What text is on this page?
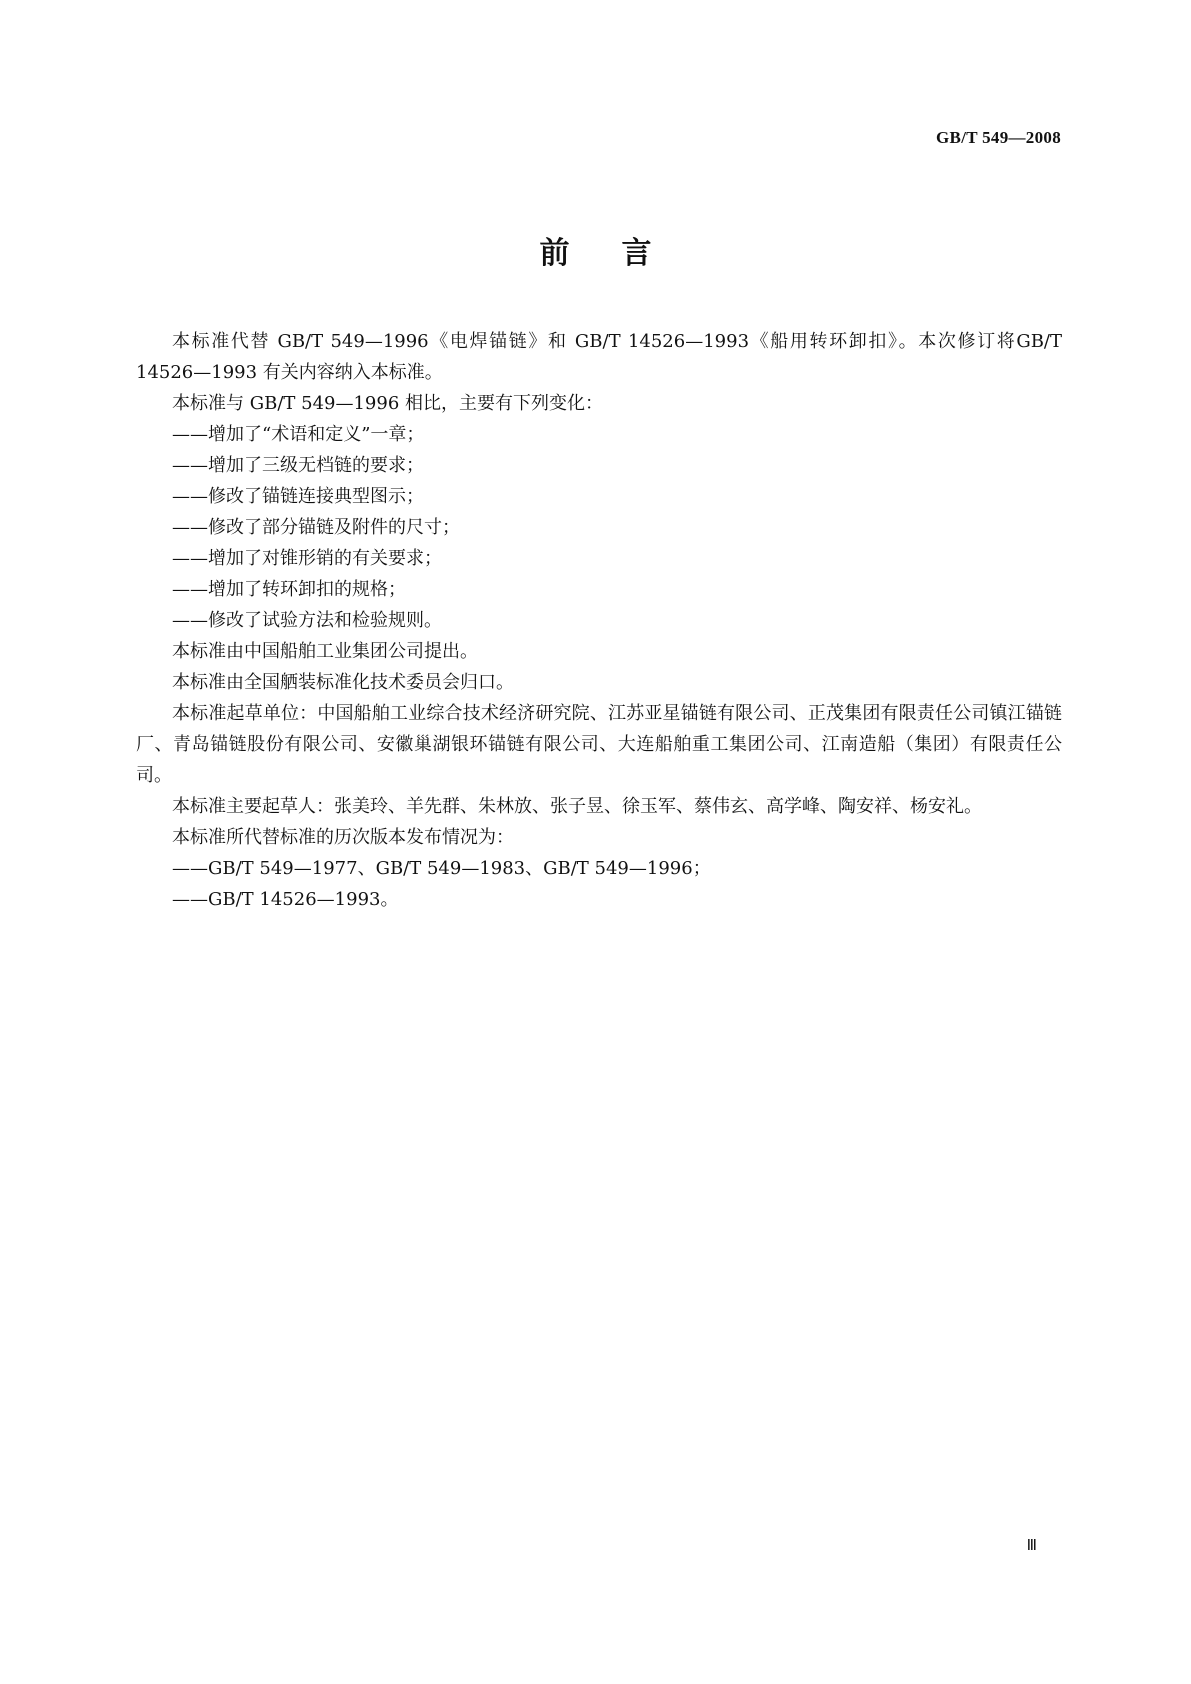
GB/T 549—2008
前言

本标准代替 GB/T 549—1996《电焊锚链》和 GB/T 14526—1993《船用转环卸扣》。本次修订将GB/T 14526—1993 有关内容纳入本标准。

本标准与 GB/T 549—1996 相比，主要有下列变化：

——增加了“术语和定义”一章；

——增加了三级无档链的要求；

——修改了锚链连接典型图示；

——修改了部分锚链及附件的尺寸；

——增加了对锥形销的有关要求；

——增加了转环卸扣的规格；

——修改了试验方法和检验规则。

本标准由中国船舶工业集团公司提出。

本标准由全国舾装标准化技术委员会归口。

本标准起草单位：中国船舶工业综合技术经济研究院、江苏亚星锚链有限公司、正茂集团有限责任公司镇江锚链厂、青岛锚链股份有限公司、安徽巢湖银环锚链有限公司、大连船舶重工集团公司、江南造船（集团）有限责任公司。

本标准主要起草人：张美玲、羊先群、朱林放、张子昱、徐玉军、蔡伟玄、高学峰、陶安祥、杨安礼。

本标准所代替标准的历次版本发布情况为：

——GB/T 549—1977、GB/T 549—1983、GB/T 549—1996；

——GB/T 14526—1993。

Ⅲ
